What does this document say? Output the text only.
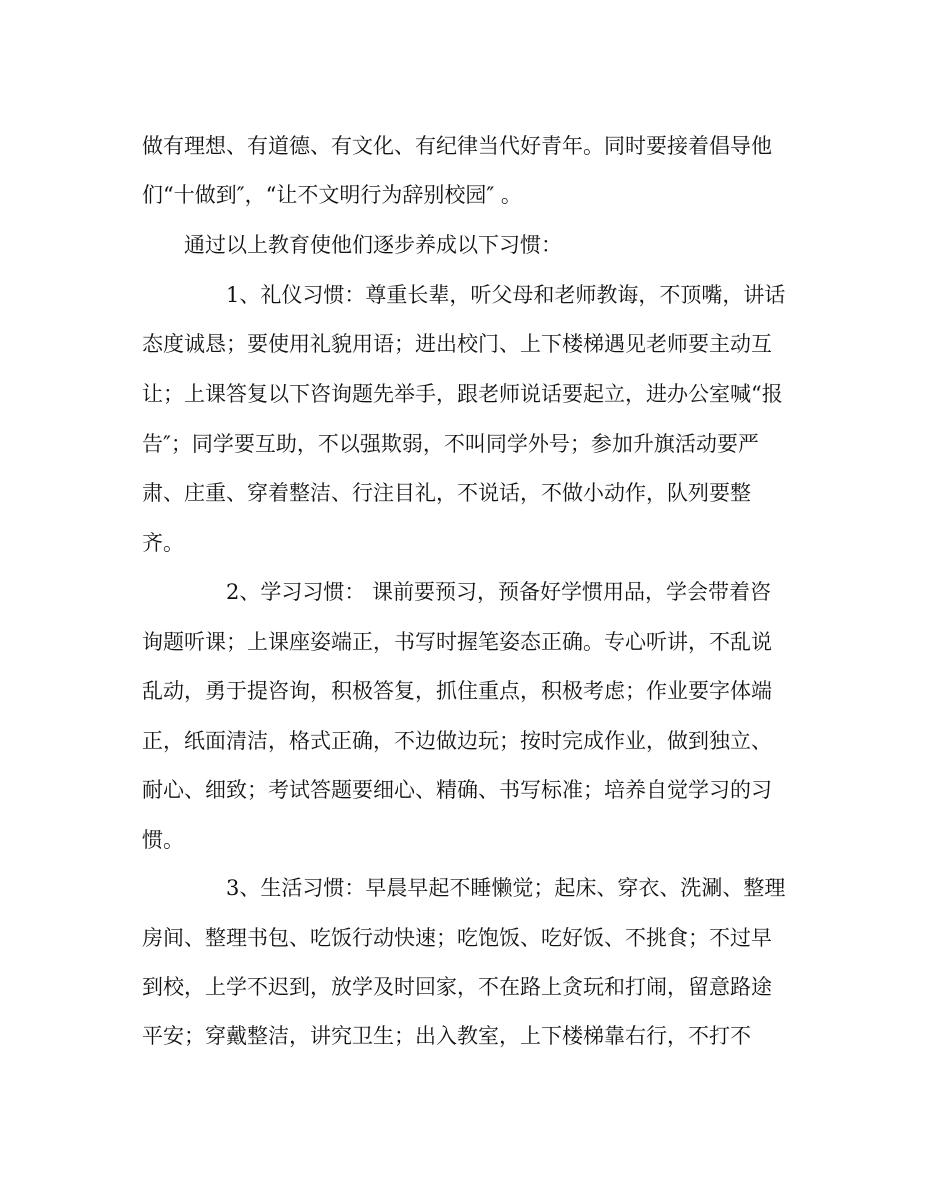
做有理想、有道德、有文化、有纪律当代好青年。同时要接着倡导他

们“十做到″，“让不文明行为辞别校园″ 。

通过以上教育使他们逐步养成以下习惯：

1、礼仪习惯：尊重长辈，听父母和老师教诲，不顶嘴，讲话

态度诚恳；要使用礼貌用语；进出校门、上下楼梯遇见老师要主动互

让；上课答复以下咨询题先举手，跟老师说话要起立，进办公室喊“报

告″；同学要互助，不以强欺弱，不叫同学外号；参加升旗活动要严

肃、庄重、穿着整洁、行注目礼，不说话，不做小动作，队列要整

齐。

2、学习习惯： 课前要预习，预备好学惯用品，学会带着咨

询题听课；上课座姿端正，书写时握笔姿态正确。专心听讲，不乱说

乱动，勇于提咨询，积极答复，抓住重点，积极考虑；作业要字体端

正，纸面清洁，格式正确，不边做边玩；按时完成作业，做到独立、

耐心、细致；考试答题要细心、精确、书写标准；培养自觉学习的习

惯。

3、生活习惯：早晨早起不睡懒觉；起床、穿衣、洗涮、整理

房间、整理书包、吃饭行动快速；吃饱饭、吃好饭、不挑食；不过早

到校，上学不迟到，放学及时回家，不在路上贪玩和打闹，留意路途

平安；穿戴整洁，讲究卫生；出入教室，上下楼梯靠右行，不打不
